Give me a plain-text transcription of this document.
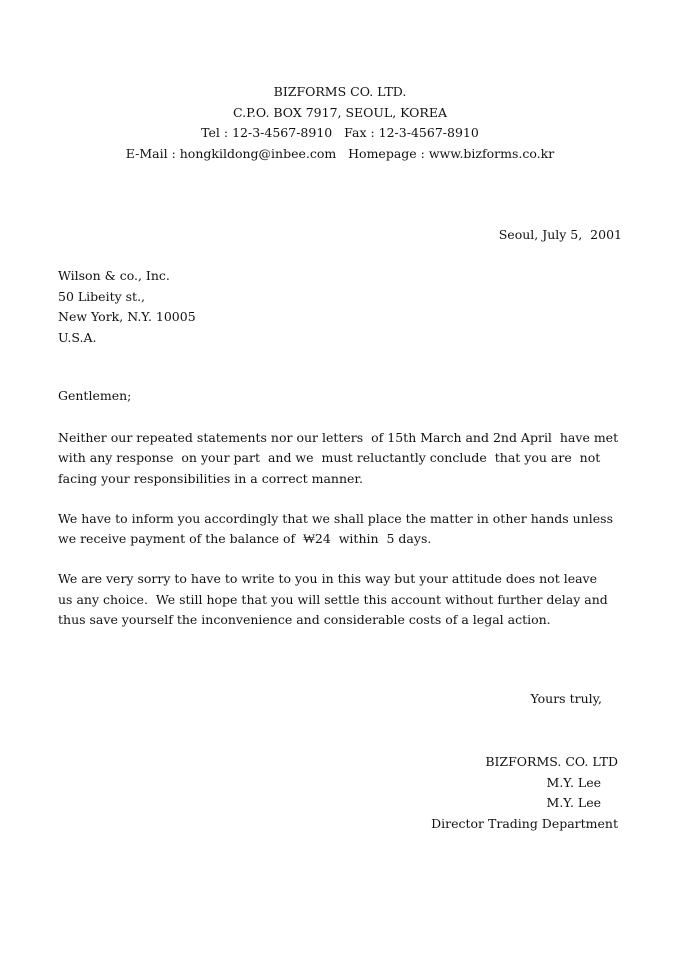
BIZFORMS CO. LTD.
C.P.O. BOX 7917, SEOUL, KOREA
Tel : 12-3-4567-8910   Fax : 12-3-4567-8910
E-Mail : hongkildong@inbee.com   Homepage : www.bizforms.co.kr
Seoul, July 5,  2001
Wilson & co., Inc.
50 Libeity st.,
New York, N.Y. 10005
U.S.A.
Gentlemen;

Neither our repeated statements nor our letters  of 15th March and 2nd April  have met
with any response  on your part  and we  must reluctantly conclude  that you are  not
facing your responsibilities in a correct manner.

We have to inform you accordingly that we shall place the matter in other hands unless
we receive payment of the balance of  ₩24  within  5 days.

We are very sorry to have to write to you in this way but your attitude does not leave
us any choice.  We still hope that you will settle this account without further delay and
thus save yourself the inconvenience and considerable costs of a legal action.

Yours truly,
BIZFORMS. CO. LTD
M.Y. Lee
M.Y. Lee
Director Trading Department
